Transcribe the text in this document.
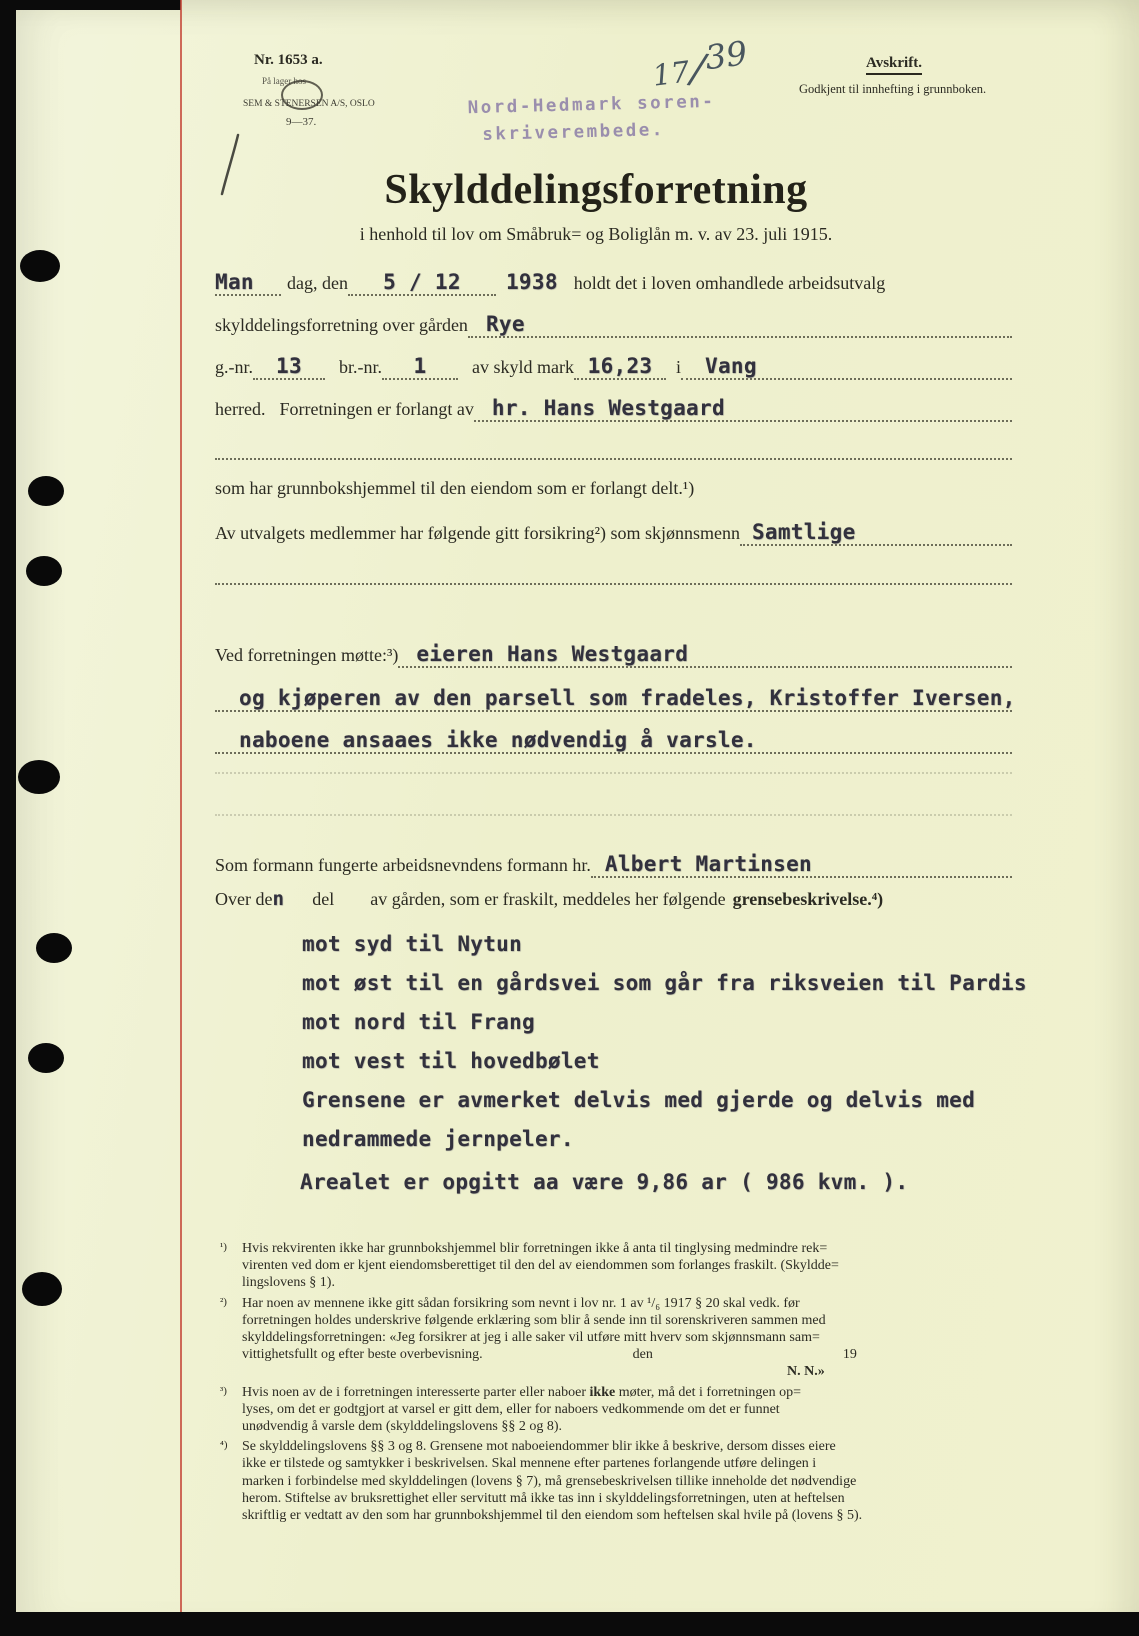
Nr. 1653 a.
På lager hos
SEM & STENERSEN A/S, OSLO
9—37.
Avskrift.
Godkjent til innhefting i grunnboken.
17/39
Nord-Hedmark soren-
skriverembede.
Skylddelingsforretning
i henhold til lov om Småbruk= og Boliglån m. v. av 23. juli 1915.
Man	dag, den	5 / 12	1938 holdt det i loven omhandlede arbeidsutvalg
skylddelingsforretning over gården Rye
g.-nr.	13	br.-nr.	1	av skyld mark 16,23	i	Vang
herred. Forretningen er forlangt av hr. Hans Westgaard
som har grunnbokshjemmel til den eiendom som er forlangt delt.¹)
Av utvalgets medlemmer har følgende gitt forsikring²) som skjønnsmenn Samtlige
Ved forretningen møtte:³) eieren Hans Westgaard
og kjøperen av den parsell som fradeles, Kristoffer Iversen,
naboene ansaaes ikke nødvendig å varsle.
Som formann fungerte arbeidsnevndens formann hr. Albert Martinsen
Over de n del av gården, som er fraskilt, meddeles her følgende grensebeskrivelse.⁴)
mot syd til Nytun
mot øst til en gårdsvei som går fra riksveien til Pardis
mot nord til Frang
mot vest til hovedbølet
Grensene er avmerket delvis med gjerde og delvis med
nedrammede jernpeler.
Arealet er opgitt aa være 9,86 ar ( 986 kvm. ).
¹) Hvis rekvirenten ikke har grunnbokshjemmel blir forretningen ikke å anta til tinglysing medmindre rek=
virenten ved dom er kjent eiendomsberettiget til den del av eiendommen som forlanges fraskilt. (Skyldde=
lingslovens § 1).
²) Har noen av mennene ikke gitt sådan forsikring som nevnt i lov nr. 1 av ¹/₆ 1917 § 20 skal vedk. før
forretningen holdes underskrive følgende erklæring som blir å sende inn til sorenskriveren sammen med
skylddelingsforretningen: «Jeg forsikrer at jeg i alle saker vil utføre mitt hverv som skjønnsmann sam=
vittighetsfullt og efter beste overbevisning.	den	19
N. N.»
³) Hvis noen av de i forretningen interesserte parter eller naboer ikke møter, må det i forretningen op=
lyses, om det er godtgjort at varsel er gitt dem, eller for naboers vedkommende om det er funnet
unødvendig å varsle dem (skylddelingslovens §§ 2 og 8).
⁴) Se skylddelingslovens §§ 3 og 8. Grensene mot naboeiendommer blir ikke å beskrive, dersom disses eiere
ikke er tilstede og samtykker i beskrivelsen. Skal mennene efter partenes forlangende utføre delingen i
marken i forbindelse med skylddelingen (lovens § 7), må grensebeskrivelsen tillike inneholde det nødvendige
herom. Stiftelse av bruksrettighet eller servitutt må ikke tas inn i skylddelingsforretningen, uten at heftelsen
skriftlig er vedtatt av den som har grunnbokshjemmel til den eiendom som heftelsen skal hvile på (lovens § 5).
